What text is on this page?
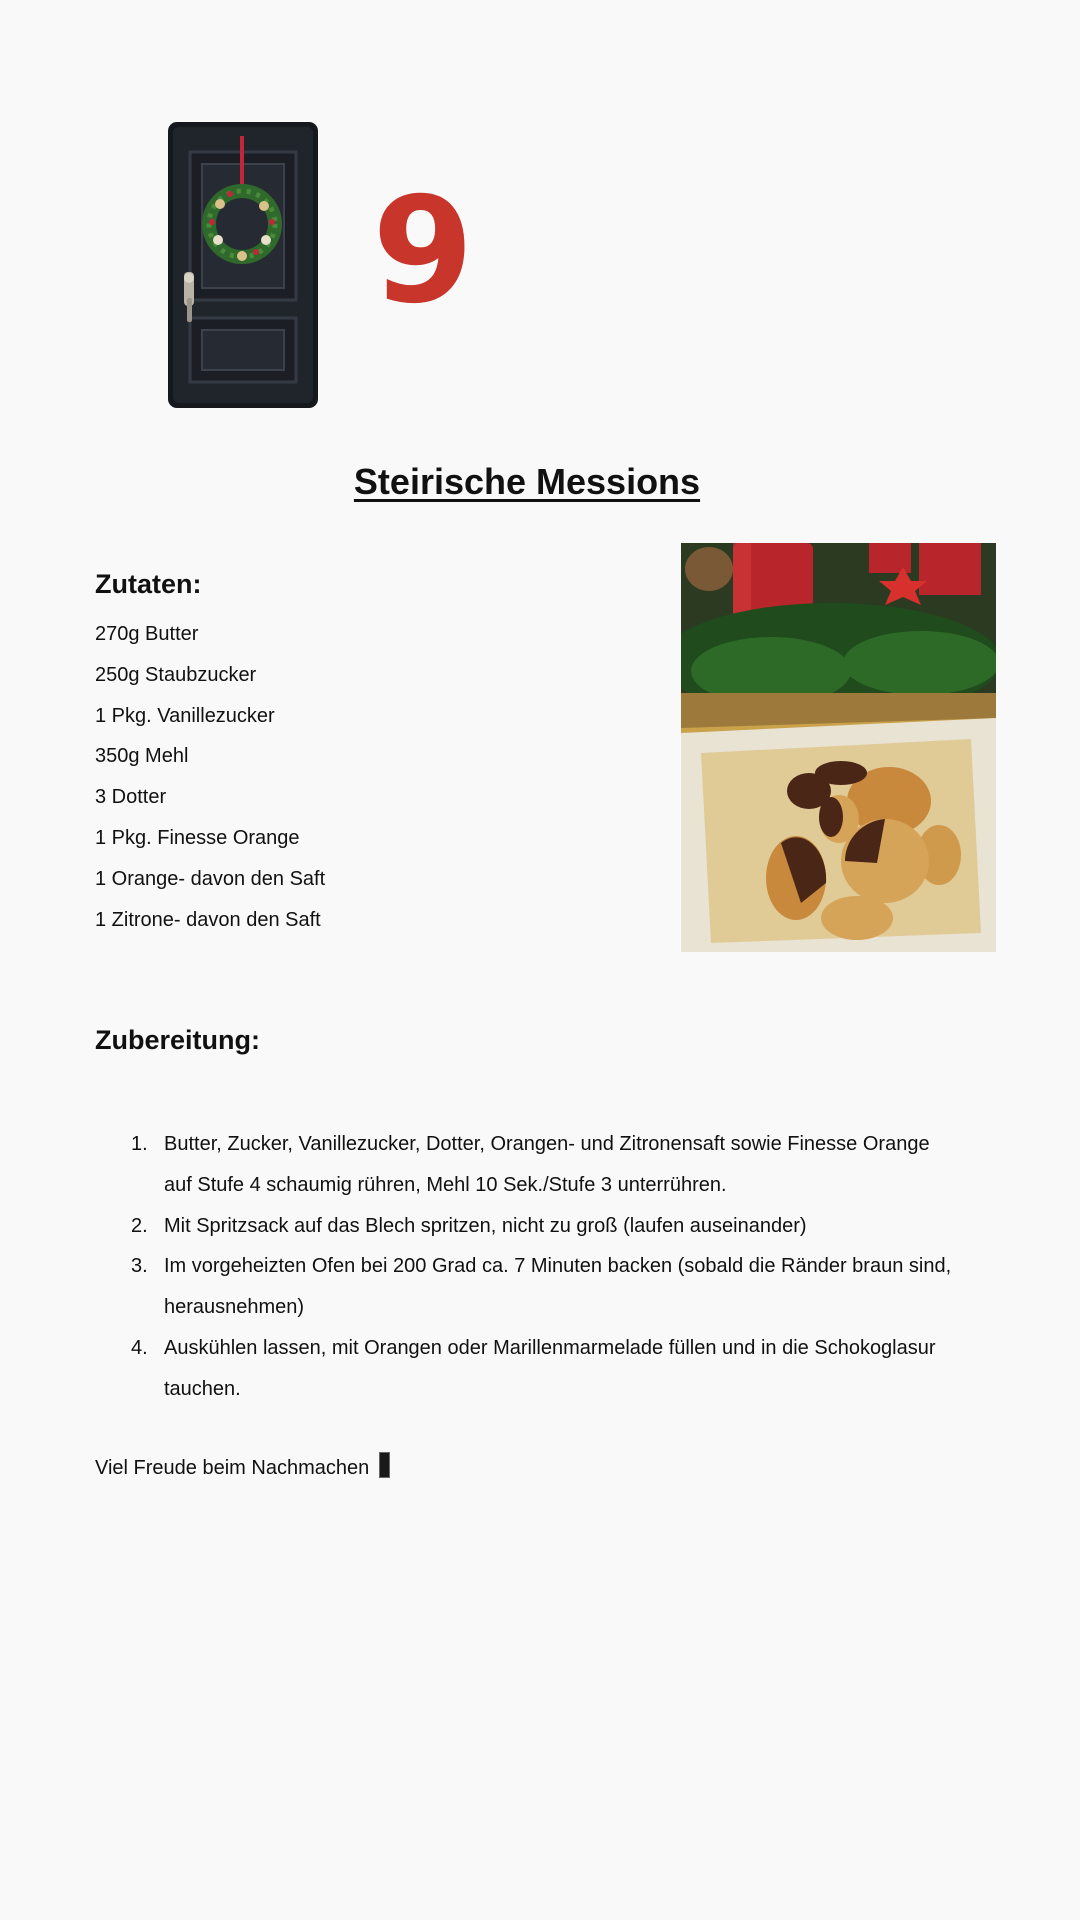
9
Steirische Messions
Zutaten:
270g Butter
250g Staubzucker
1 Pkg. Vanillezucker
350g Mehl
3 Dotter
1 Pkg. Finesse Orange
1 Orange- davon den Saft
1 Zitrone- davon den Saft
Zubereitung:
1. Butter, Zucker, Vanillezucker, Dotter, Orangen- und Zitronensaft sowie Finesse Orange auf Stufe 4 schaumig rühren, Mehl 10 Sek./Stufe 3 unterrühren.
2. Mit Spritzsack auf das Blech spritzen, nicht zu groß (laufen auseinander)
3. Im vorgeheizten Ofen bei 200 Grad ca. 7 Minuten backen (sobald die Ränder braun sind, herausnehmen)
4. Auskühlen lassen, mit Orangen oder Marillenmarmelade füllen und in die Schokoglasur tauchen.
Viel Freude beim Nachmachen
